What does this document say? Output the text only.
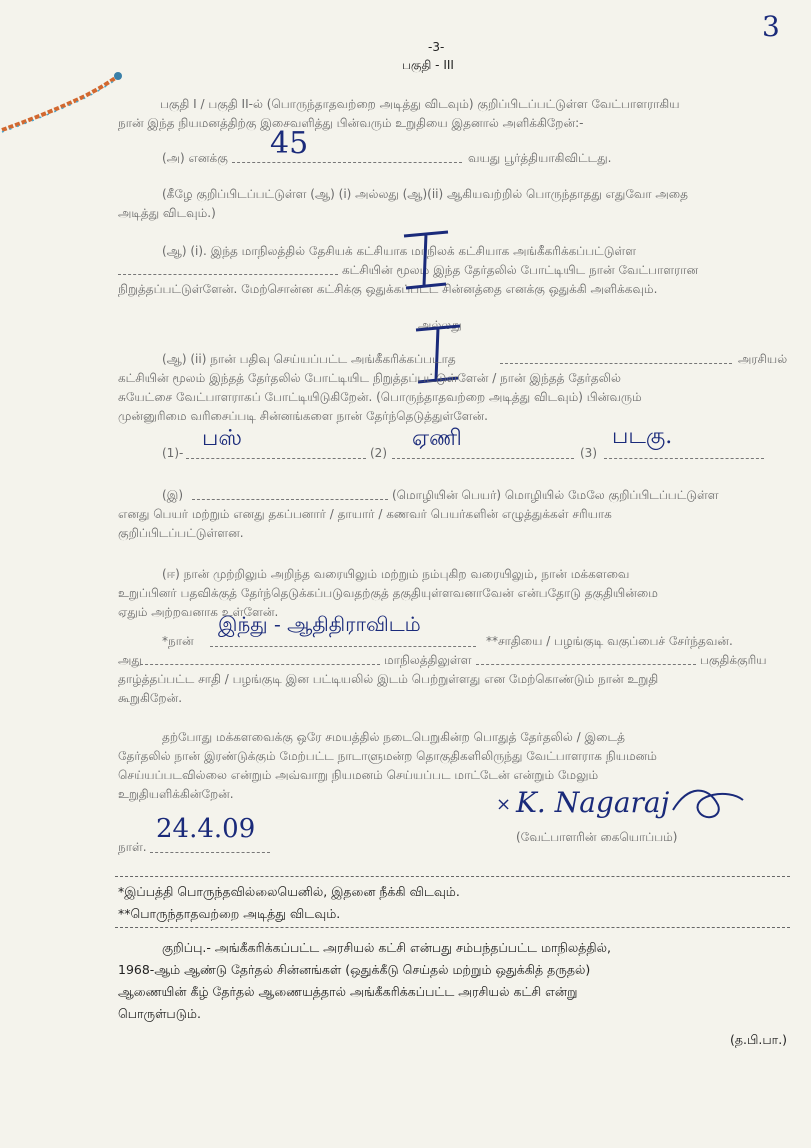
3
-3-
பகுதி - III
பகுதி I / பகுதி II-ல் (பொருந்தாதவற்றை அடித்து விடவும்) குறிப்பிடப்பட்டுள்ள வேட்பாளராகிய
நான் இந்த நியமனத்திற்கு இசைவளித்து பின்வரும் உறுதியை இதனால் அளிக்கிறேன்:-
(அ) எனக்கு 45	வயது பூர்த்தியாகிவிட்டது.
(கீழே குறிப்பிடப்பட்டுள்ள (ஆ) (i) அல்லது (ஆ)(ii) ஆகியவற்றில் பொருந்தாதது எதுவோ அதை
அடித்து விடவும்.)
(ஆ) (i). இந்த மாநிலத்தில் தேசியக் கட்சியாக மாநிலக் கட்சியாக அங்கீகரிக்கப்பட்டுள்ள
கட்சியின் மூலம் இந்த தேர்தலில் போட்டியிட நான் வேட்பாளரான
நிறுத்தப்பட்டுள்ளேன். மேற்சொன்ன கட்சிக்கு ஒதுக்கப்பட்ட சின்னத்தை எனக்கு ஒதுக்கி அளிக்கவும்.
அல்லது
(ஆ) (ii) நான் பதிவு செய்யப்பட்ட அங்கீகரிக்கப்படாத	அரசியல்
கட்சியின் மூலம் இந்தத் தேர்தலில் போட்டியிட நிறுத்தப்பட்டுள்ளேன் / நான் இந்தத் தேர்தலில்
சுயேட்சை வேட்பாளராகப் போட்டியிடுகிறேன். (பொருந்தாதவற்றை அடித்து விடவும்) பின்வரும்
முன்னுரிமை வரிசைப்படி சின்னங்களை நான் தேர்ந்தெடுத்துள்ளேன்.
(1)-
பஸ்
(2)
ஏணி
(3)
படகு.
(இ)	(மொழியின் பெயர்) மொழியில் மேலே குறிப்பிடப்பட்டுள்ள
எனது பெயர் மற்றும் எனது தகப்பனார் / தாயார் / கணவர் பெயர்களின் எழுத்துக்கள் சரியாக
குறிப்பிடப்பட்டுள்ளன.
(ஈ) நான் முற்றிலும் அறிந்த வரையிலும் மற்றும் நம்புகிற வரையிலும், நான் மக்களவை
உறுப்பினர் பதவிக்குத் தேர்ந்தெடுக்கப்படுவதற்குத் தகுதியுள்ளவனாவேன் என்பதோடு தகுதியின்மை
ஏதும் அற்றவனாக உள்ளேன்.
*நான்
இந்து - ஆதிதிராவிடம்
**சாதியை / பழங்குடி வகுப்பைச் சேர்ந்தவன்.
அது	மாநிலத்திலுள்ள	பகுதிக்குரிய
தாழ்த்தப்பட்ட சாதி / பழங்குடி இன பட்டியலில் இடம் பெற்றுள்ளது என மேற்கொண்டும் நான் உறுதி
கூறுகிறேன்.
தற்போது மக்களவைக்கு ஒரே சமயத்தில் நடைபெறுகின்ற பொதுத் தேர்தலில் / இடைத்
தேர்தலில் நான் இரண்டுக்கும் மேற்பட்ட நாடாளுமன்ற தொகுதிகளிலிருந்து வேட்பாளராக நியமனம்
செய்யப்படவில்லை என்றும் அவ்வாறு நியமனம் செய்யப்பட மாட்டேன் என்றும் மேலும்
உறுதியளிக்கின்றேன்.	× K. Nagaraj
(வேட்பாளரின் கையொப்பம்)
நாள்.
24.4.09
*இப்பத்தி பொருந்தவில்லையெனில், இதனை நீக்கி விடவும்.
**பொருந்தாதவற்றை அடித்து விடவும்.
குறிப்பு.- அங்கீகரிக்கப்பட்ட அரசியல் கட்சி என்பது சம்பந்தப்பட்ட மாநிலத்தில்,
1968-ஆம் ஆண்டு தேர்தல் சின்னங்கள் (ஒதுக்கீடு செய்தல் மற்றும் ஒதுக்கித் தருதல்)
ஆணையின் கீழ் தேர்தல் ஆணையத்தால் அங்கீகரிக்கப்பட்ட அரசியல் கட்சி என்று
பொருள்படும்.
(த.பி.பா.)
